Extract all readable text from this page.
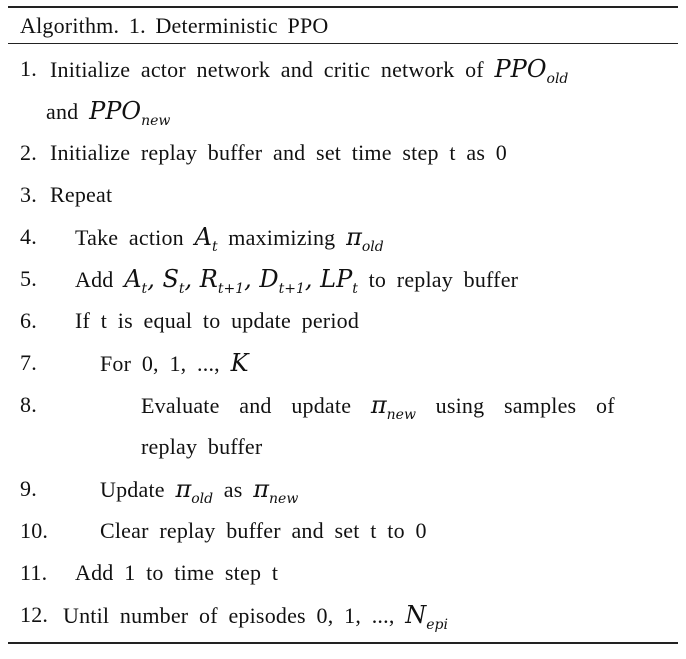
Algorithm. 1. Deterministic PPO
1. Initialize actor network and critic network of $PPO_{old}$
and $PPO_{new}$
2. Initialize replay buffer and set time step t as 0
3. Repeat
4. Take action $A_t$ maximizing $\pi_{old}$
5. Add $A_t$, $S_t$, $R_{t+1}$, $D_{t+1}$, $LP_t$ to replay buffer
6. If t is equal to update period
7.	For 0, 1, ..., K
8.	Evaluate and update $\pi_{new}$ using samples of
replay buffer
9.	Update $\pi_{old}$ as $\pi_{new}$
10. Clear replay buffer and set t to 0
11. Add 1 to time step t
12. Until number of episodes 0, 1, ..., $N_{epi}$
